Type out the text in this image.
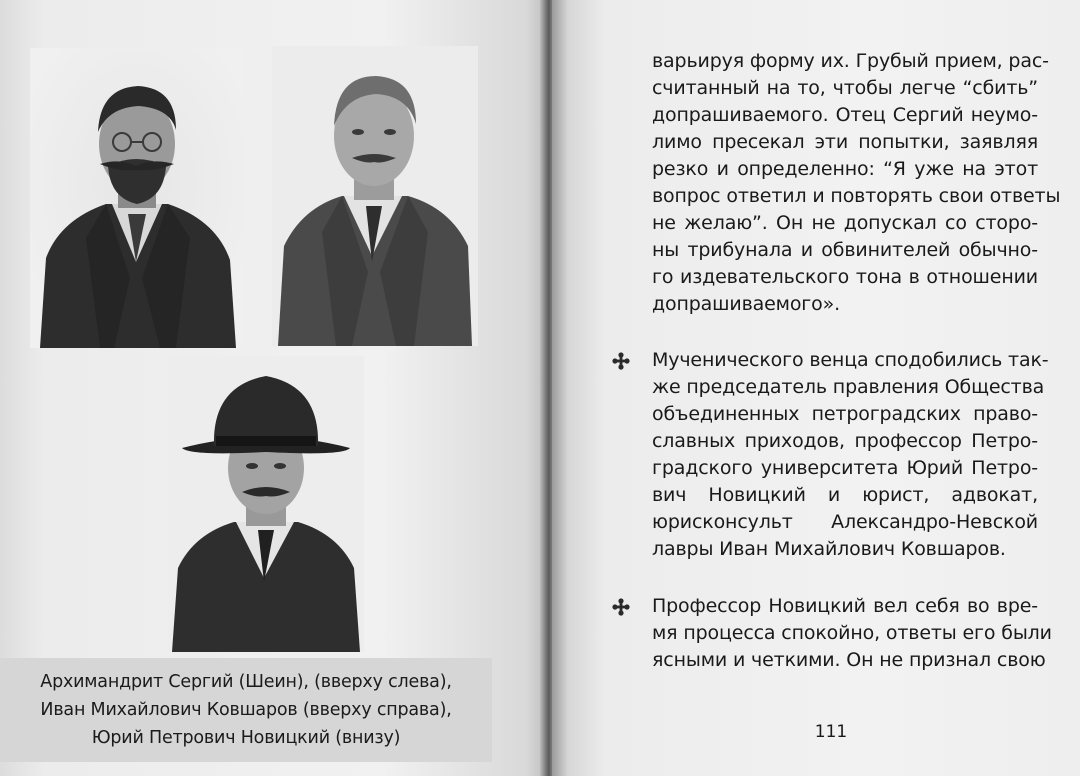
Архимандрит Сергий (Шеин), (вверху слева),
Иван Михайлович Ковшаров (вверху справа),
Юрий Петрович Новицкий (внизу)
варьируя форму их. Грубый прием, рас-
считанный на то, чтобы легче “сбить”
допрашиваемого. Отец Сергий неумо-
лимо пресекал эти попытки, заявляя
резко и определенно: “Я уже на этот
вопрос ответил и повторять свои ответы
не желаю”. Он не допускал со сторо-
ны трибунала и обвинителей обычно-
го издевательского тона в отношении
допрашиваемого».
Мученического венца сподобились так-
же председатель правления Общества
объединенных петроградских право-
славных приходов, профессор Петро-
градского университета Юрий Петро-
вич Новицкий и юрист, адвокат,
юрисконсульт Александро-Невской
лавры Иван Михайлович Ковшаров.
Профессор Новицкий вел себя во вре-
мя процесса спокойно, ответы его были
ясными и четкими. Он не признал свою
111
